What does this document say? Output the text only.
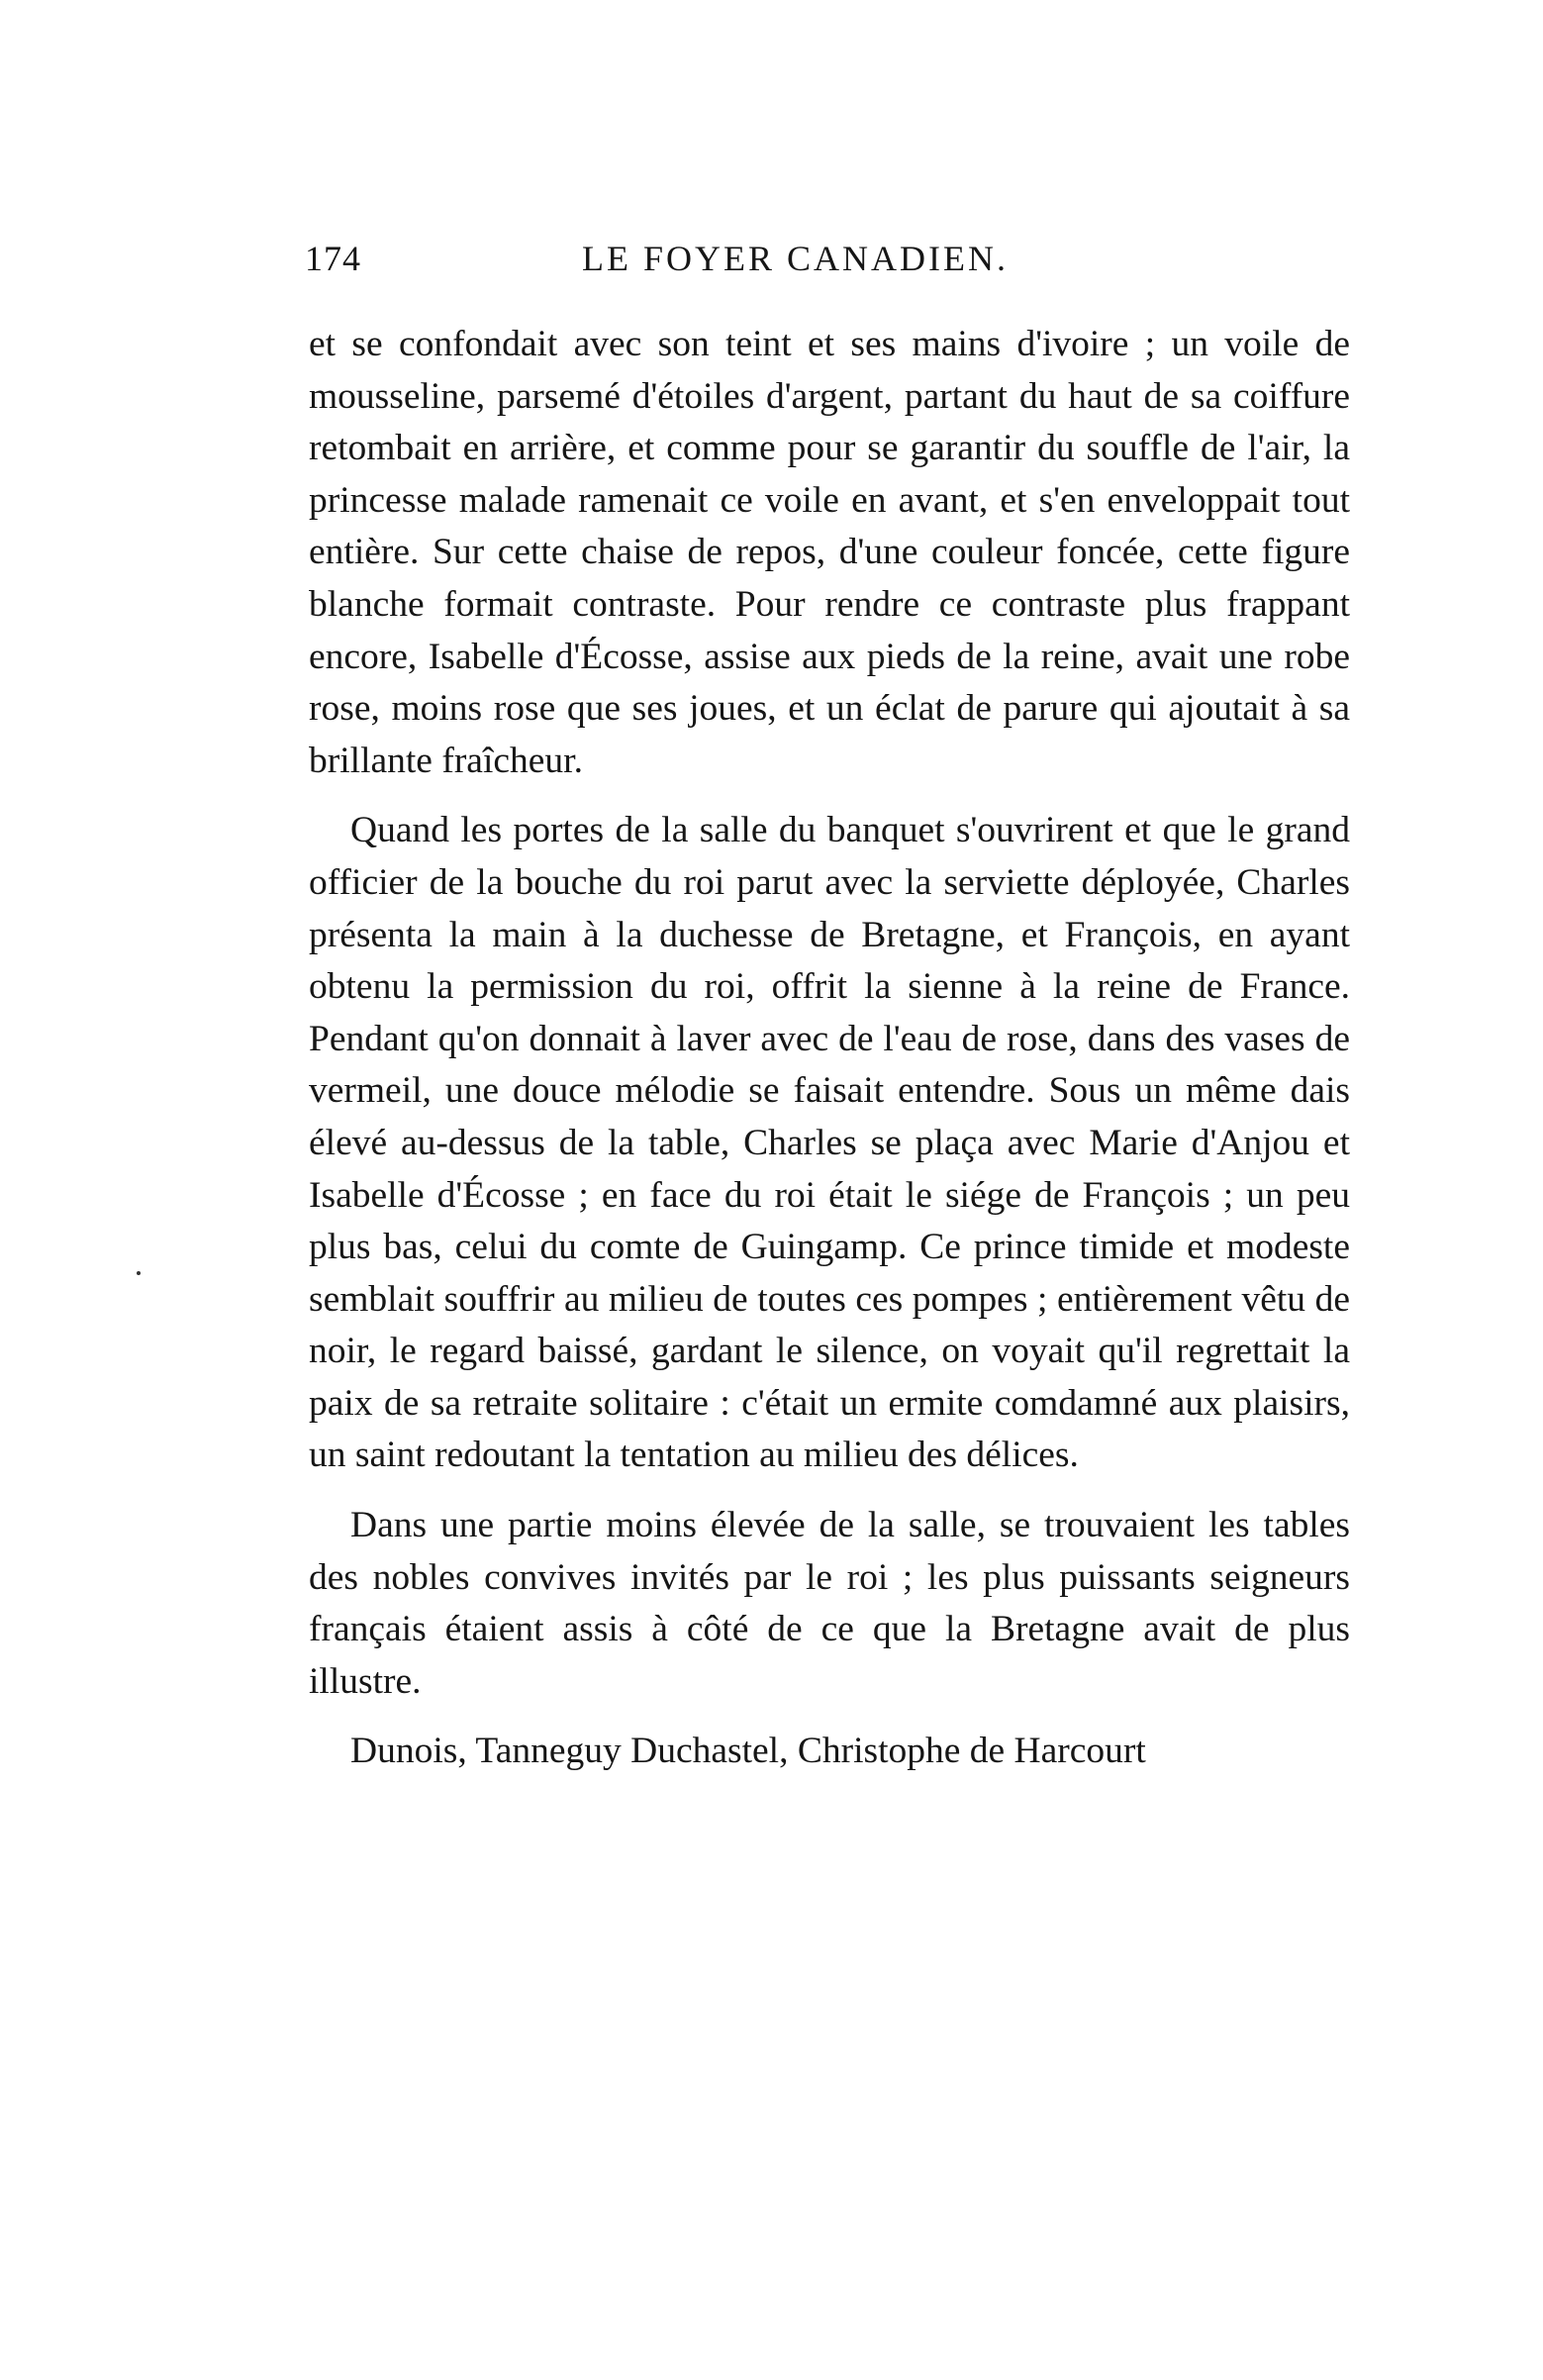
174	LE FOYER CANADIEN.

et se confondait avec son teint et ses mains d'ivoire ; un voile de mousseline, parsemé d'étoiles d'argent, partant du haut de sa coiffure retombait en arrière, et comme pour se garantir du souffle de l'air, la princesse malade ramenait ce voile en avant, et s'en enveloppait tout entière. Sur cette chaise de repos, d'une couleur foncée, cette figure blanche formait contraste. Pour rendre ce contraste plus frappant encore, Isabelle d'Écosse, assise aux pieds de la reine, avait une robe rose, moins rose que ses joues, et un éclat de parure qui ajoutait à sa brillante fraîcheur.

Quand les portes de la salle du banquet s'ouvrirent et que le grand officier de la bouche du roi parut avec la serviette déployée, Charles présenta la main à la duchesse de Bretagne, et François, en ayant obtenu la permission du roi, offrit la sienne à la reine de France. Pendant qu'on donnait à laver avec de l'eau de rose, dans des vases de vermeil, une douce mélodie se faisait entendre. Sous un même dais élevé au-dessus de la table, Charles se plaça avec Marie d'Anjou et Isabelle d'Écosse ; en face du roi était le siége de François ; un peu plus bas, celui du comte de Guingamp. Ce prince timide et modeste semblait souffrir au milieu de toutes ces pompes ; entièrement vêtu de noir, le regard baissé, gardant le silence, on voyait qu'il regrettait la paix de sa retraite solitaire : c'était un ermite comdamné aux plaisirs, un saint redoutant la tentation au milieu des délices.

Dans une partie moins élevée de la salle, se trouvaient les tables des nobles convives invités par le roi ; les plus puissants seigneurs français étaient assis à côté de ce que la Bretagne avait de plus illustre.

Dunois, Tanneguy Duchastel, Christophe de Harcourt
